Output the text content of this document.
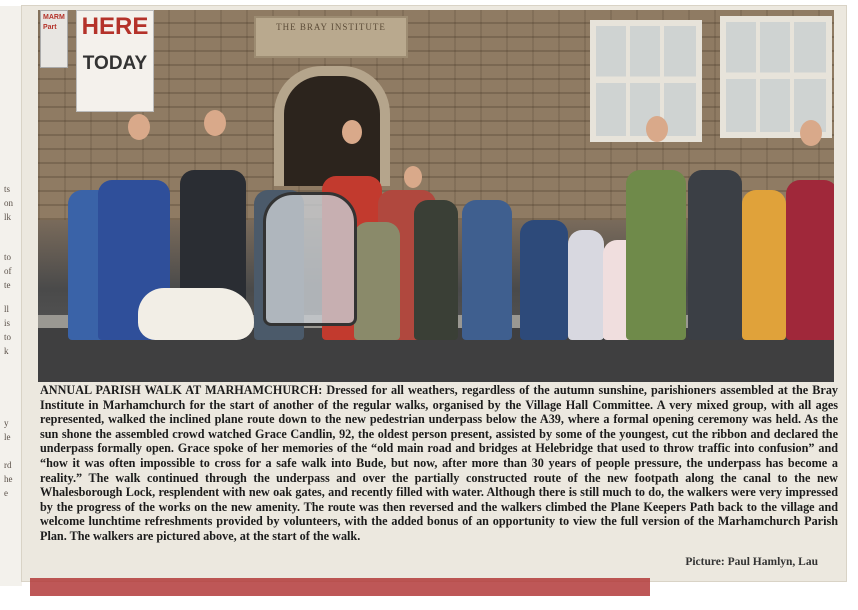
ts
on
lk
to
of
te
ll
is
to
k
y
le
rd
he
e
THE BRAY INSTITUTE
MARM Part	HERE
TODAY
ANNUAL PARISH WALK AT MARHAMCHURCH: Dressed for all weathers, regardless of the autumn sunshine, parishioners assembled at the Bray Institute in Marhamchurch for the start of another of the regular walks, organised by the Village Hall Committee. A very mixed group, with all ages represented, walked the inclined plane route down to the new pedestrian underpass below the A39, where a formal opening ceremony was held. As the sun shone the assembled crowd watched Grace Candlin, 92, the oldest person present, assisted by some of the youngest, cut the ribbon and declared the underpass formally open. Grace spoke of her memories of the “old main road and bridges at Helebridge that used to throw traffic into confusion” and “how it was often impossible to cross for a safe walk into Bude, but now, after more than 30 years of people pressure, the underpass has become a reality.” The walk continued through the underpass and over the partially constructed route of the new footpath along the canal to the new Whalesborough Lock, resplendent with new oak gates, and recently filled with water. Although there is still much to do, the walkers were very impressed by the progress of the works on the new amenity. The route was then reversed and the walkers climbed the Plane Keepers Path back to the village and welcome lunchtime refreshments provided by volunteers, with the added bonus of an opportunity to view the full version of the Marhamchurch Parish Plan. The walkers are pictured above, at the start of the walk.
Picture: Paul Hamlyn, Lau
